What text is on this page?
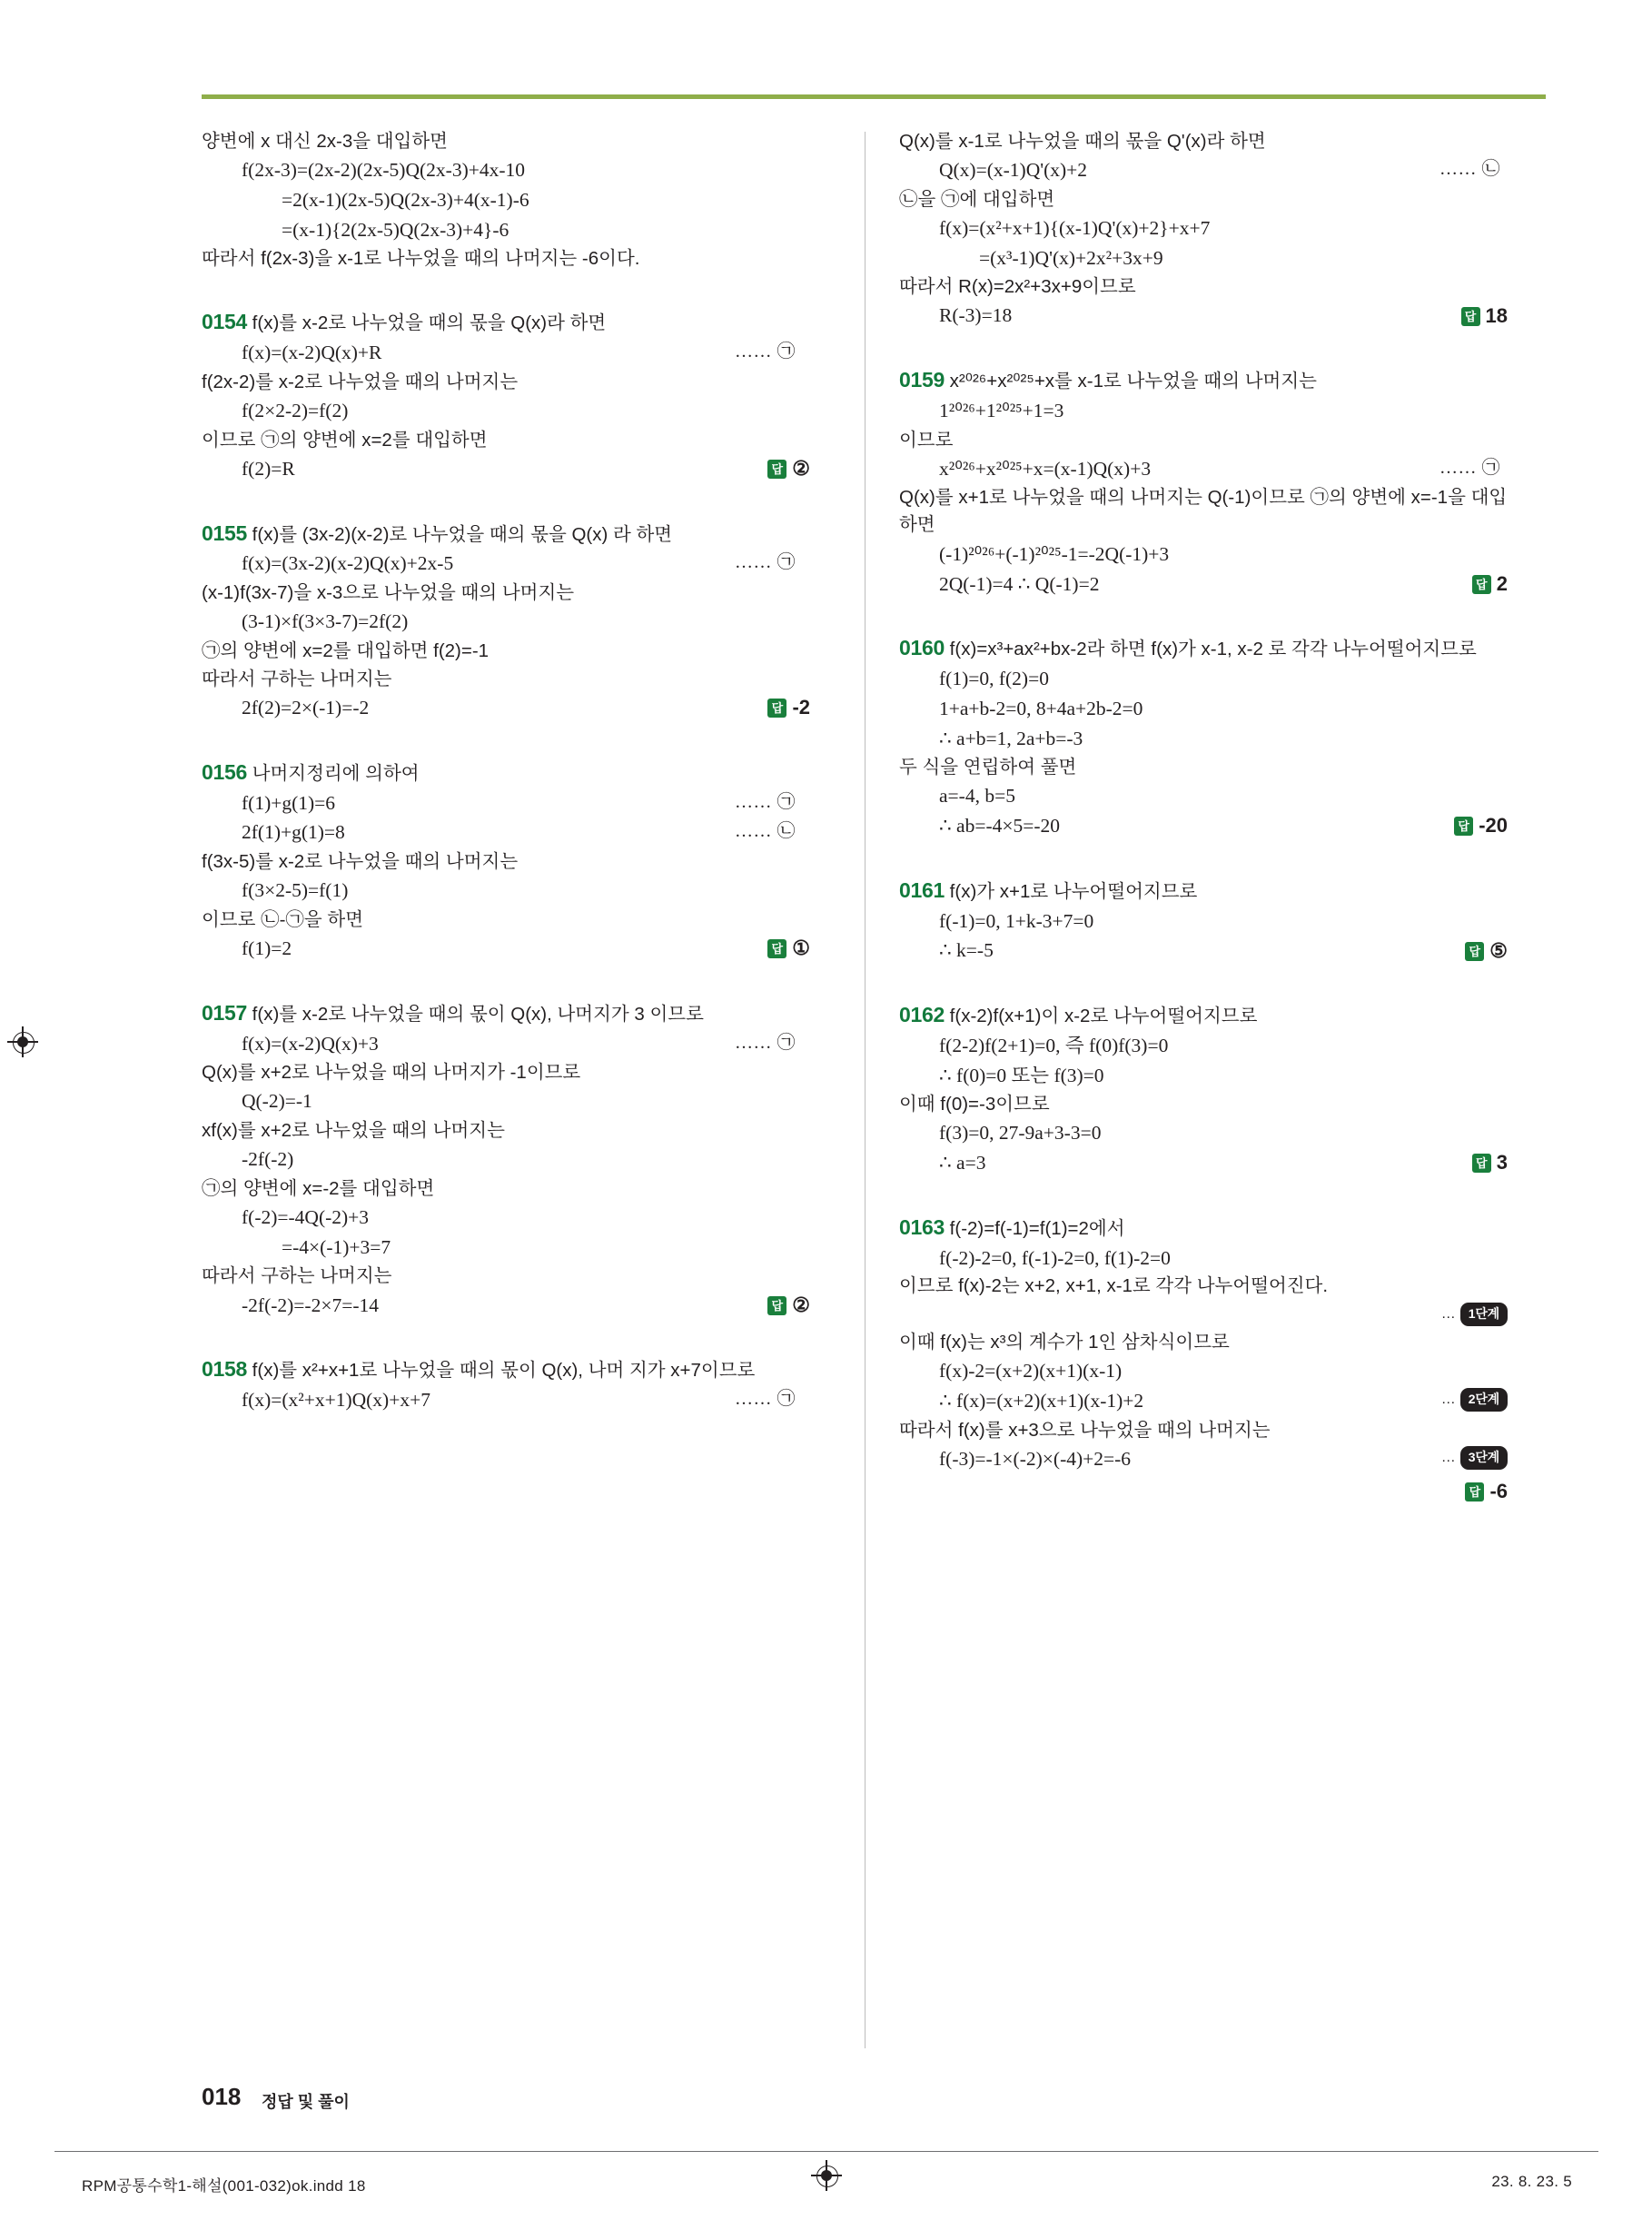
양변에 x 대신 2x-3을 대입하면
f(2x-3)=(2x-2)(2x-5)Q(2x-3)+4x-10
=2(x-1)(2x-5)Q(2x-3)+4(x-1)-6
=(x-1){2(2x-5)Q(2x-3)+4}-6
따라서 f(2x-3)을 x-1로 나누었을 때의 나머지는 -6이다.
0154 f(x)를 x-2로 나누었을 때의 몫을 Q(x)라 하면
f(x)=(x-2)Q(x)+R	…… ㉠
f(2x-2)를 x-2로 나누었을 때의 나머지는
f(2×2-2)=f(2)
이므로 ㉠의 양변에 x=2를 대입하면
f(2)=R	답 ②
0155 f(x)를 (3x-2)(x-2)로 나누었을 때의 몫을 Q(x) 라 하면
f(x)=(3x-2)(x-2)Q(x)+2x-5	…… ㉠
(x-1)f(3x-7)을 x-3으로 나누었을 때의 나머지는
(3-1)×f(3×3-7)=2f(2)
㉠의 양변에 x=2를 대입하면 f(2)=-1
따라서 구하는 나머지는
2f(2)=2×(-1)=-2	답 -2
0156 나머지정리에 의하여
f(1)+g(1)=6	…… ㉠
2f(1)+g(1)=8	…… ㉡
f(3x-5)를 x-2로 나누었을 때의 나머지는
f(3×2-5)=f(1)
이므로 ㉡-㉠을 하면
f(1)=2	답 ①
0157 f(x)를 x-2로 나누었을 때의 몫이 Q(x), 나머지가 3 이므로
f(x)=(x-2)Q(x)+3	…… ㉠
Q(x)를 x+2로 나누었을 때의 나머지가 -1이므로
Q(-2)=-1
xf(x)를 x+2로 나누었을 때의 나머지는
-2f(-2)
㉠의 양변에 x=-2를 대입하면
f(-2)=-4Q(-2)+3
=-4×(-1)+3=7
따라서 구하는 나머지는
-2f(-2)=-2×7=-14	답 ②
0158 f(x)를 x²+x+1로 나누었을 때의 몫이 Q(x), 나머 지가 x+7이므로
f(x)=(x²+x+1)Q(x)+x+7	…… ㉠
Q(x)를 x-1로 나누었을 때의 몫을 Q'(x)라 하면
Q(x)=(x-1)Q'(x)+2	…… ㉡
㉡을 ㉠에 대입하면
f(x)=(x²+x+1){(x-1)Q'(x)+2}+x+7
=(x³-1)Q'(x)+2x²+3x+9
따라서 R(x)=2x²+3x+9이므로
R(-3)=18	답 18
0159 x²⁰²⁶+x²⁰²⁵+x를 x-1로 나누었을 때의 나머지는
1²⁰²⁶+1²⁰²⁵+1=3
이므로
x²⁰²⁶+x²⁰²⁵+x=(x-1)Q(x)+3	…… ㉠
Q(x)를 x+1로 나누었을 때의 나머지는 Q(-1)이므로 ㉠의 양변에 x=-1을 대입하면
(-1)²⁰²⁶+(-1)²⁰²⁵-1=-2Q(-1)+3
2Q(-1)=4 ∴ Q(-1)=2	답 2
0160 f(x)=x³+ax²+bx-2라 하면 f(x)가 x-1, x-2 로 각각 나누어떨어지므로
f(1)=0, f(2)=0
1+a+b-2=0, 8+4a+2b-2=0
∴ a+b=1, 2a+b=-3
두 식을 연립하여 풀면
a=-4, b=5
∴ ab=-4×5=-20	답 -20
0161 f(x)가 x+1로 나누어떨어지므로
f(-1)=0, 1+k-3+7=0
∴ k=-5	답 ⑤
0162 f(x-2)f(x+1)이 x-2로 나누어떨어지므로
f(2-2)f(2+1)=0, 즉 f(0)f(3)=0
∴ f(0)=0 또는 f(3)=0
이때 f(0)=-3이므로
f(3)=0, 27-9a+3-3=0
∴ a=3	답 3
0163 f(-2)=f(-1)=f(1)=2에서
f(-2)-2=0, f(-1)-2=0, f(1)-2=0
이므로 f(x)-2는 x+2, x+1, x-1로 각각 나누어떨어진다.
… 1단계
이때 f(x)는 x³의 계수가 1인 삼차식이므로
f(x)-2=(x+2)(x+1)(x-1)
∴ f(x)=(x+2)(x+1)(x-1)+2	… 2단계
따라서 f(x)를 x+3으로 나누었을 때의 나머지는
f(-3)=-1×(-2)×(-4)+2=-6	… 3단계
답 -6
018 정답 및 풀이
RPM공통수학1-해설(001-032)ok.indd 18	23. 8. 23. 5
